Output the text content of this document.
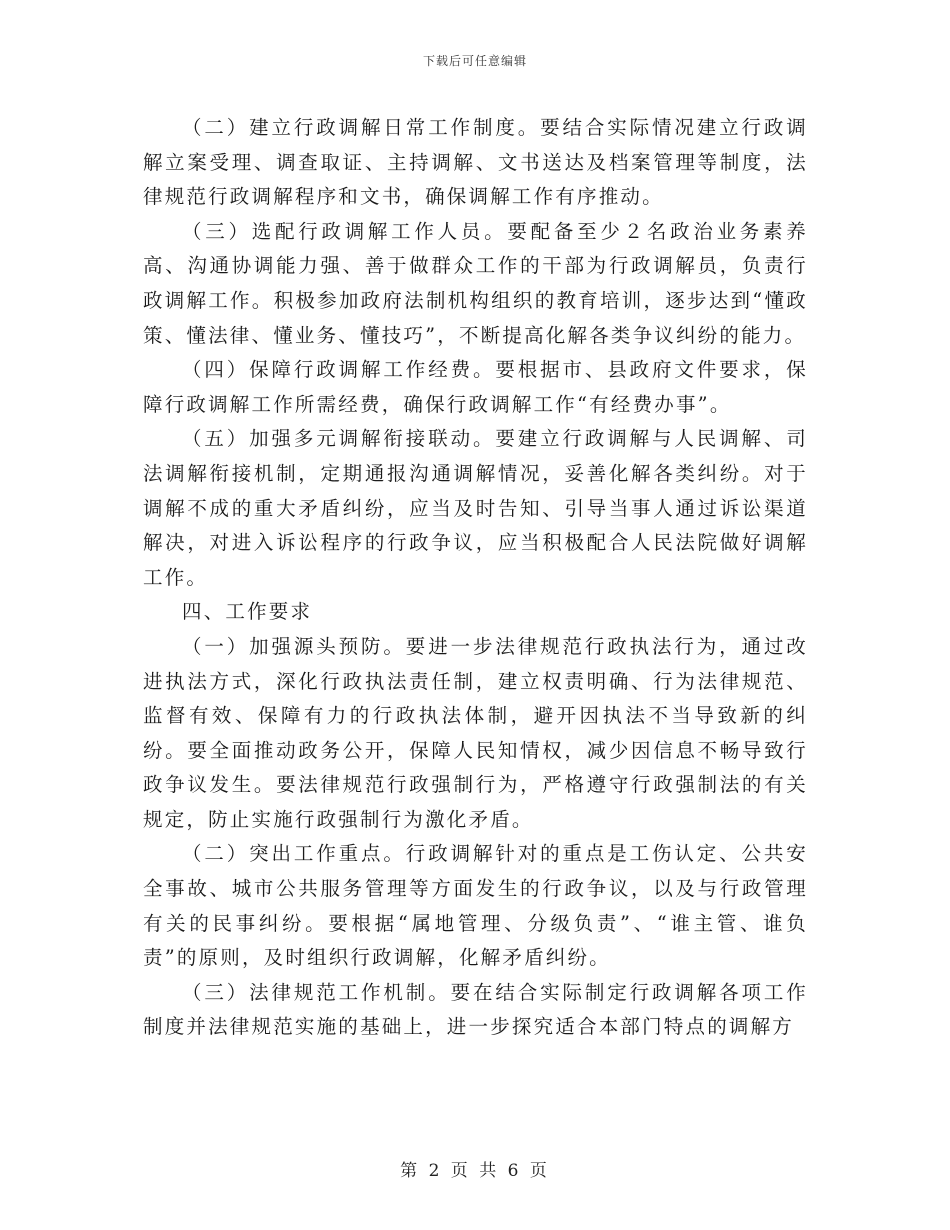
下载后可任意编辑

（二）建立行政调解日常工作制度。要结合实际情况建立行政调解立案受理、调查取证、主持调解、文书送达及档案管理等制度，法律规范行政调解程序和文书，确保调解工作有序推动。

（三）选配行政调解工作人员。要配备至少２名政治业务素养高、沟通协调能力强、善于做群众工作的干部为行政调解员，负责行政调解工作。积极参加政府法制机构组织的教育培训，逐步达到“懂政策、懂法律、懂业务、懂技巧”，不断提高化解各类争议纠纷的能力。

（四）保障行政调解工作经费。要根据市、县政府文件要求，保障行政调解工作所需经费，确保行政调解工作“有经费办事”。

（五）加强多元调解衔接联动。要建立行政调解与人民调解、司法调解衔接机制，定期通报沟通调解情况，妥善化解各类纠纷。对于调解不成的重大矛盾纠纷，应当及时告知、引导当事人通过诉讼渠道解决，对进入诉讼程序的行政争议，应当积极配合人民法院做好调解工作。

四、工作要求

（一）加强源头预防。要进一步法律规范行政执法行为，通过改进执法方式，深化行政执法责任制，建立权责明确、行为法律规范、监督有效、保障有力的行政执法体制，避开因执法不当导致新的纠纷。要全面推动政务公开，保障人民知情权，减少因信息不畅导致行政争议发生。要法律规范行政强制行为，严格遵守行政强制法的有关规定，防止实施行政强制行为激化矛盾。

（二）突出工作重点。行政调解针对的重点是工伤认定、公共安全事故、城市公共服务管理等方面发生的行政争议，以及与行政管理有关的民事纠纷。要根据“属地管理、分级负责”、“谁主管、谁负责”的原则，及时组织行政调解，化解矛盾纠纷。

（三）法律规范工作机制。要在结合实际制定行政调解各项工作制度并法律规范实施的基础上，进一步探究适合本部门特点的调解方

第 2 页 共 6 页
